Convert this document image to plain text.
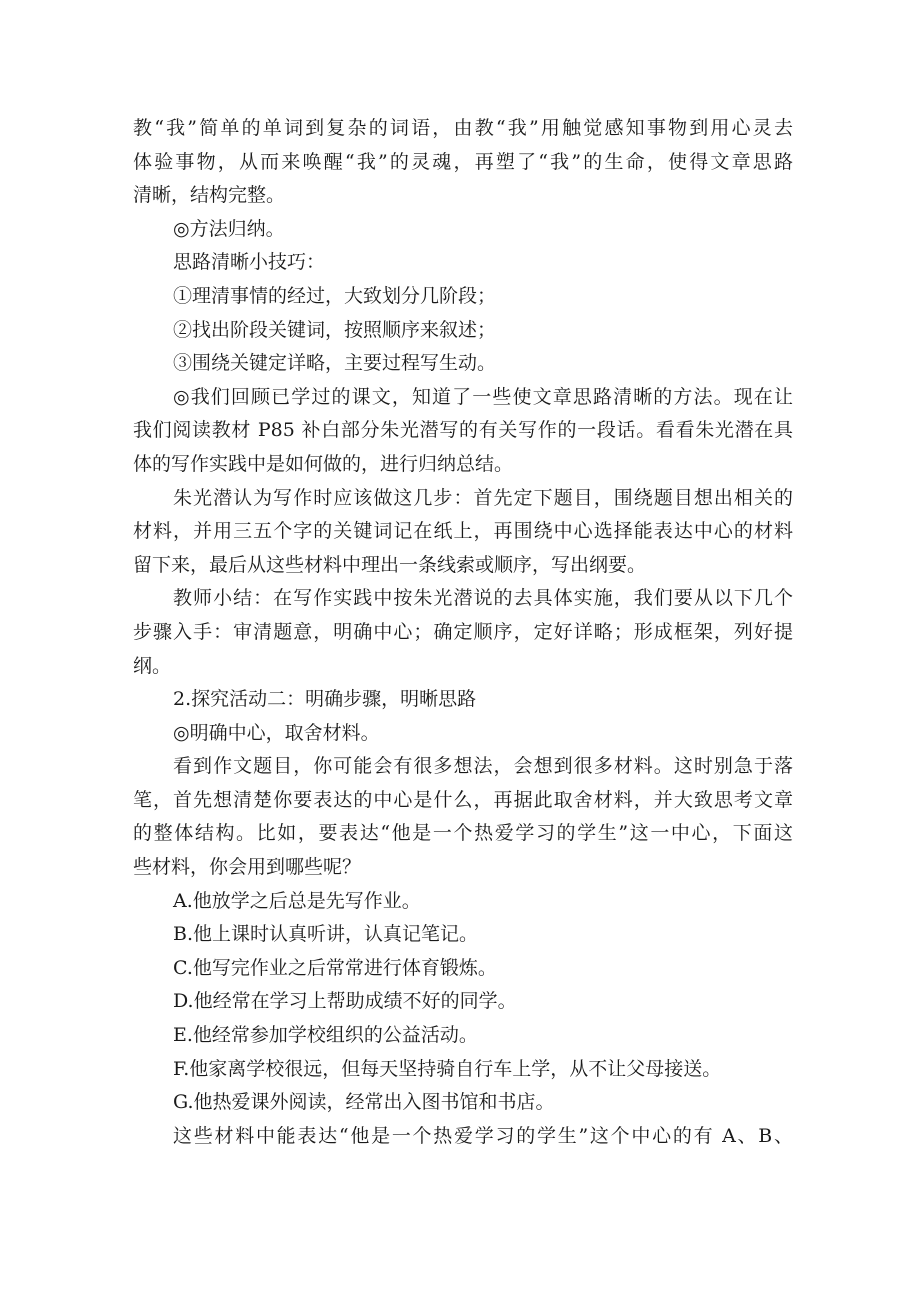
教“我”简单的单词到复杂的词语，由教“我”用触觉感知事物到用心灵去
体验事物，从而来唤醒“我”的灵魂，再塑了“我”的生命，使得文章思路
清晰，结构完整。
◎方法归纳。
思路清晰小技巧：
①理清事情的经过，大致划分几阶段；
②找出阶段关键词，按照顺序来叙述；
③围绕关键定详略，主要过程写生动。
◎我们回顾已学过的课文，知道了一些使文章思路清晰的方法。现在让
我们阅读教材 P85 补白部分朱光潜写的有关写作的一段话。看看朱光潜在具
体的写作实践中是如何做的，进行归纳总结。
朱光潜认为写作时应该做这几步：首先定下题目，围绕题目想出相关的
材料，并用三五个字的关键词记在纸上，再围绕中心选择能表达中心的材料
留下来，最后从这些材料中理出一条线索或顺序，写出纲要。
教师小结：在写作实践中按朱光潜说的去具体实施，我们要从以下几个
步骤入手：审清题意，明确中心；确定顺序，定好详略；形成框架，列好提
纲。
2.探究活动二：明确步骤，明晰思路
◎明确中心，取舍材料。
看到作文题目，你可能会有很多想法，会想到很多材料。这时别急于落
笔，首先想清楚你要表达的中心是什么，再据此取舍材料，并大致思考文章
的整体结构。比如，要表达“他是一个热爱学习的学生”这一中心，下面这
些材料，你会用到哪些呢？
A.他放学之后总是先写作业。
B.他上课时认真听讲，认真记笔记。
C.他写完作业之后常常进行体育锻炼。
D.他经常在学习上帮助成绩不好的同学。
E.他经常参加学校组织的公益活动。
F.他家离学校很远，但每天坚持骑自行车上学，从不让父母接送。
G.他热爱课外阅读，经常出入图书馆和书店。
这些材料中能表达“他是一个热爱学习的学生”这个中心的有 A、B、
